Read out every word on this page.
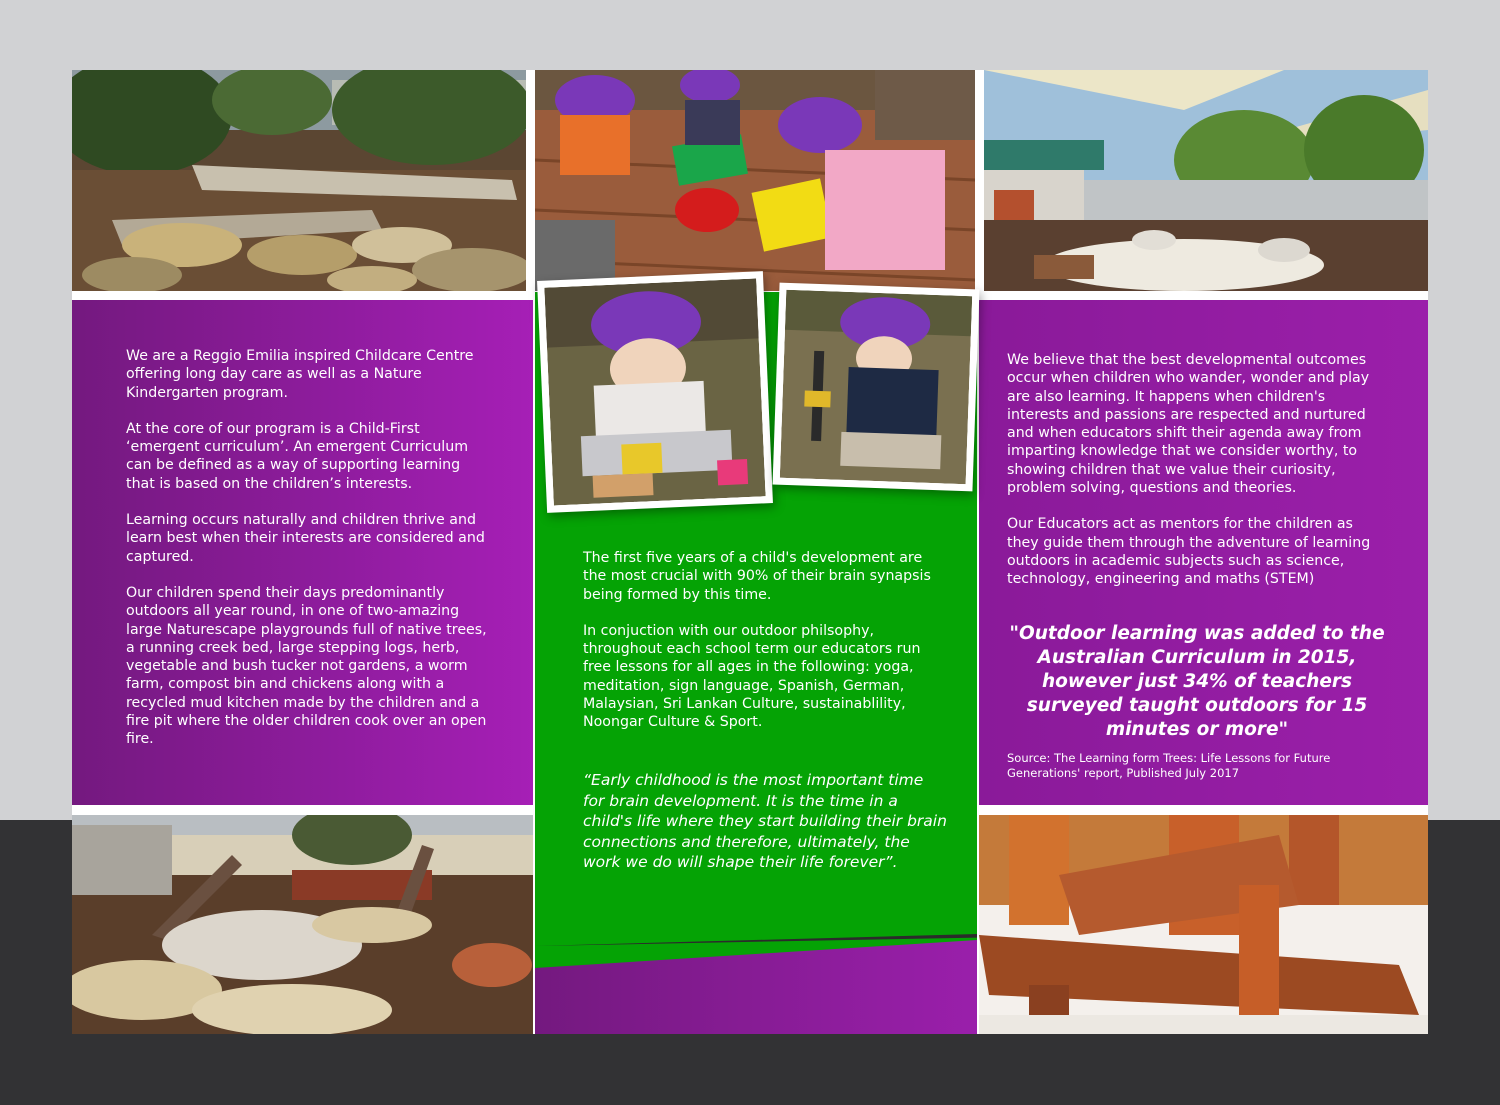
We are a Reggio Emilia inspired Childcare Centre offering long day care as well as a Nature Kindergarten program.

At the core of our program is a Child-First ‘emergent curriculum’. An emergent Curriculum can be defined as a way of supporting learning that is based on the children’s interests.

Learning occurs naturally and children thrive and learn best when their interests are considered and captured.

Our children spend their days predominantly outdoors all year round, in one of two-amazing large Naturescape playgrounds full of native trees, a running creek bed, large stepping logs, herb, vegetable and bush tucker not gardens, a worm farm, compost bin and chickens along with a recycled mud kitchen made by the children and a fire pit where the older children cook over an open fire.

The first five years of a child's development are the most crucial with 90% of their brain synapsis being formed by this time.

In conjuction with our outdoor philsophy, throughout each school term our educators run free lessons for all ages in the following: yoga, meditation, sign language, Spanish, German, Malaysian, Sri Lankan Culture, sustainablility, Noongar Culture & Sport.

“Early childhood is the most important time for brain development. It is the time in a child's life where they start building their brain connections and therefore, ultimately, the work we do will shape their life forever”.

We believe that the best developmental outcomes occur when children who wander, wonder and play are also learning. It happens when children's interests and passions are respected and nurtured and when educators shift their agenda away from imparting knowledge that we consider worthy, to showing children that we value their curiosity, problem solving, questions and theories.

Our Educators act as mentors for the children as they guide them through the adventure of learning outdoors in academic subjects such as science, technology, engineering and maths (STEM)

"Outdoor learning was added to the Australian Curriculum in 2015, however just 34% of teachers surveyed taught outdoors for 15 minutes or more"

Source: The Learning form Trees: Life Lessons for Future Generations' report, Published July 2017
